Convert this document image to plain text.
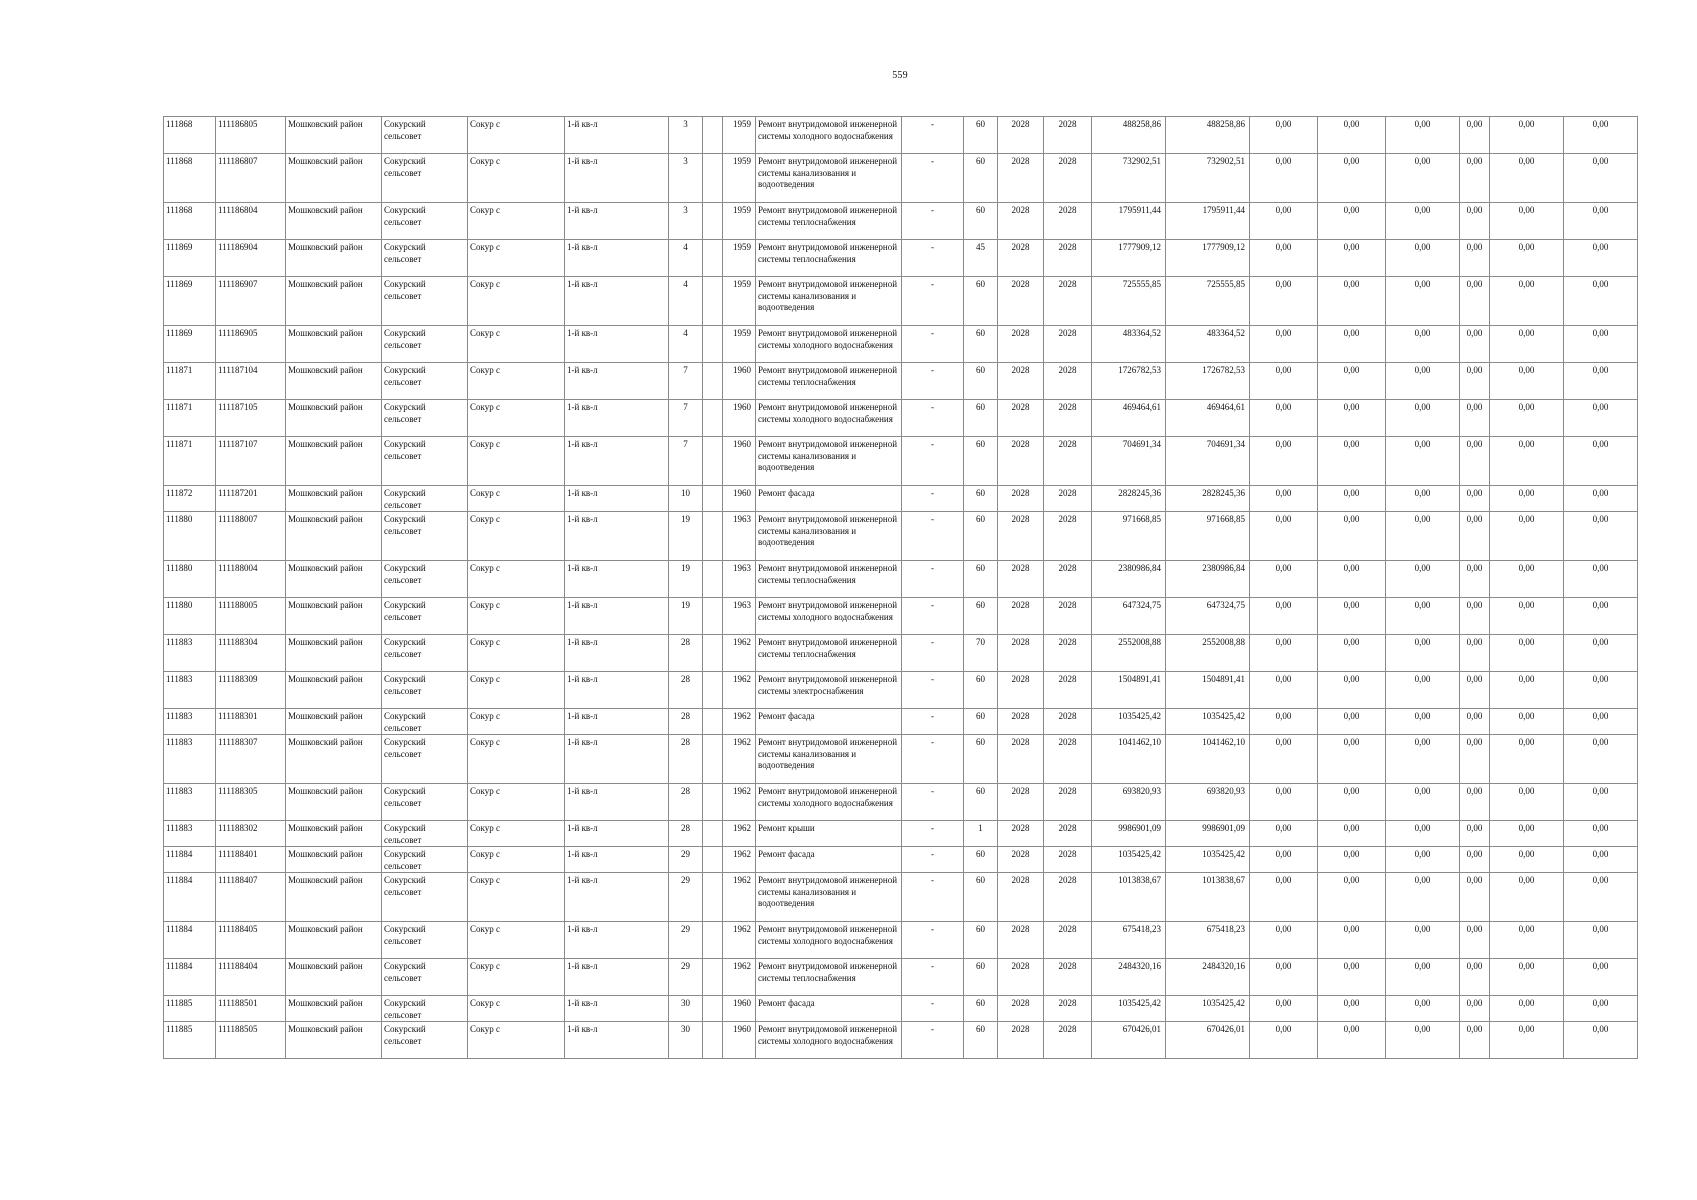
559
111868	111186805	Мошковский район	Сокурский сельсовет	Сокур с	1-й кв-л	3		1959	Ремонт внутридомовой инженерной системы холодного водоснабжения	-	60	2028	2028	488258,86	488258,86	0,00	0,00	0,00	0,00	0,00	0,00
111868	111186807	Мошковский район	Сокурский сельсовет	Сокур с	1-й кв-л	3		1959	Ремонт внутридомовой инженерной системы канализования и водоотведения	-	60	2028	2028	732902,51	732902,51	0,00	0,00	0,00	0,00	0,00	0,00
111868	111186804	Мошковский район	Сокурский сельсовет	Сокур с	1-й кв-л	3		1959	Ремонт внутридомовой инженерной системы теплоснабжения	-	60	2028	2028	1795911,44	1795911,44	0,00	0,00	0,00	0,00	0,00	0,00
111869	111186904	Мошковский район	Сокурский сельсовет	Сокур с	1-й кв-л	4		1959	Ремонт внутридомовой инженерной системы теплоснабжения	-	45	2028	2028	1777909,12	1777909,12	0,00	0,00	0,00	0,00	0,00	0,00
111869	111186907	Мошковский район	Сокурский сельсовет	Сокур с	1-й кв-л	4		1959	Ремонт внутридомовой инженерной системы канализования и водоотведения	-	60	2028	2028	725555,85	725555,85	0,00	0,00	0,00	0,00	0,00	0,00
111869	111186905	Мошковский район	Сокурский сельсовет	Сокур с	1-й кв-л	4		1959	Ремонт внутридомовой инженерной системы холодного водоснабжения	-	60	2028	2028	483364,52	483364,52	0,00	0,00	0,00	0,00	0,00	0,00
111871	111187104	Мошковский район	Сокурский сельсовет	Сокур с	1-й кв-л	7		1960	Ремонт внутридомовой инженерной системы теплоснабжения	-	60	2028	2028	1726782,53	1726782,53	0,00	0,00	0,00	0,00	0,00	0,00
111871	111187105	Мошковский район	Сокурский сельсовет	Сокур с	1-й кв-л	7		1960	Ремонт внутридомовой инженерной системы холодного водоснабжения	-	60	2028	2028	469464,61	469464,61	0,00	0,00	0,00	0,00	0,00	0,00
111871	111187107	Мошковский район	Сокурский сельсовет	Сокур с	1-й кв-л	7		1960	Ремонт внутридомовой инженерной системы канализования и водоотведения	-	60	2028	2028	704691,34	704691,34	0,00	0,00	0,00	0,00	0,00	0,00
111872	111187201	Мошковский район	Сокурский сельсовет	Сокур с	1-й кв-л	10		1960	Ремонт фасада	-	60	2028	2028	2828245,36	2828245,36	0,00	0,00	0,00	0,00	0,00	0,00
111880	111188007	Мошковский район	Сокурский сельсовет	Сокур с	1-й кв-л	19		1963	Ремонт внутридомовой инженерной системы канализования и водоотведения	-	60	2028	2028	971668,85	971668,85	0,00	0,00	0,00	0,00	0,00	0,00
111880	111188004	Мошковский район	Сокурский сельсовет	Сокур с	1-й кв-л	19		1963	Ремонт внутридомовой инженерной системы теплоснабжения	-	60	2028	2028	2380986,84	2380986,84	0,00	0,00	0,00	0,00	0,00	0,00
111880	111188005	Мошковский район	Сокурский сельсовет	Сокур с	1-й кв-л	19		1963	Ремонт внутридомовой инженерной системы холодного водоснабжения	-	60	2028	2028	647324,75	647324,75	0,00	0,00	0,00	0,00	0,00	0,00
111883	111188304	Мошковский район	Сокурский сельсовет	Сокур с	1-й кв-л	28		1962	Ремонт внутридомовой инженерной системы теплоснабжения	-	70	2028	2028	2552008,88	2552008,88	0,00	0,00	0,00	0,00	0,00	0,00
111883	111188309	Мошковский район	Сокурский сельсовет	Сокур с	1-й кв-л	28		1962	Ремонт внутридомовой инженерной системы электроснабжения	-	60	2028	2028	1504891,41	1504891,41	0,00	0,00	0,00	0,00	0,00	0,00
111883	111188301	Мошковский район	Сокурский сельсовет	Сокур с	1-й кв-л	28		1962	Ремонт фасада	-	60	2028	2028	1035425,42	1035425,42	0,00	0,00	0,00	0,00	0,00	0,00
111883	111188307	Мошковский район	Сокурский сельсовет	Сокур с	1-й кв-л	28		1962	Ремонт внутридомовой инженерной системы канализования и водоотведения	-	60	2028	2028	1041462,10	1041462,10	0,00	0,00	0,00	0,00	0,00	0,00
111883	111188305	Мошковский район	Сокурский сельсовет	Сокур с	1-й кв-л	28		1962	Ремонт внутридомовой инженерной системы холодного водоснабжения	-	60	2028	2028	693820,93	693820,93	0,00	0,00	0,00	0,00	0,00	0,00
111883	111188302	Мошковский район	Сокурский сельсовет	Сокур с	1-й кв-л	28		1962	Ремонт крыши	-	1	2028	2028	9986901,09	9986901,09	0,00	0,00	0,00	0,00	0,00	0,00
111884	111188401	Мошковский район	Сокурский сельсовет	Сокур с	1-й кв-л	29		1962	Ремонт фасада	-	60	2028	2028	1035425,42	1035425,42	0,00	0,00	0,00	0,00	0,00	0,00
111884	111188407	Мошковский район	Сокурский сельсовет	Сокур с	1-й кв-л	29		1962	Ремонт внутридомовой инженерной системы канализования и водоотведения	-	60	2028	2028	1013838,67	1013838,67	0,00	0,00	0,00	0,00	0,00	0,00
111884	111188405	Мошковский район	Сокурский сельсовет	Сокур с	1-й кв-л	29		1962	Ремонт внутридомовой инженерной системы холодного водоснабжения	-	60	2028	2028	675418,23	675418,23	0,00	0,00	0,00	0,00	0,00	0,00
111884	111188404	Мошковский район	Сокурский сельсовет	Сокур с	1-й кв-л	29		1962	Ремонт внутридомовой инженерной системы теплоснабжения	-	60	2028	2028	2484320,16	2484320,16	0,00	0,00	0,00	0,00	0,00	0,00
111885	111188501	Мошковский район	Сокурский сельсовет	Сокур с	1-й кв-л	30		1960	Ремонт фасада	-	60	2028	2028	1035425,42	1035425,42	0,00	0,00	0,00	0,00	0,00	0,00
111885	111188505	Мошковский район	Сокурский сельсовет	Сокур с	1-й кв-л	30		1960	Ремонт внутридомовой инженерной системы холодного водоснабжения	-	60	2028	2028	670426,01	670426,01	0,00	0,00	0,00	0,00	0,00	0,00
